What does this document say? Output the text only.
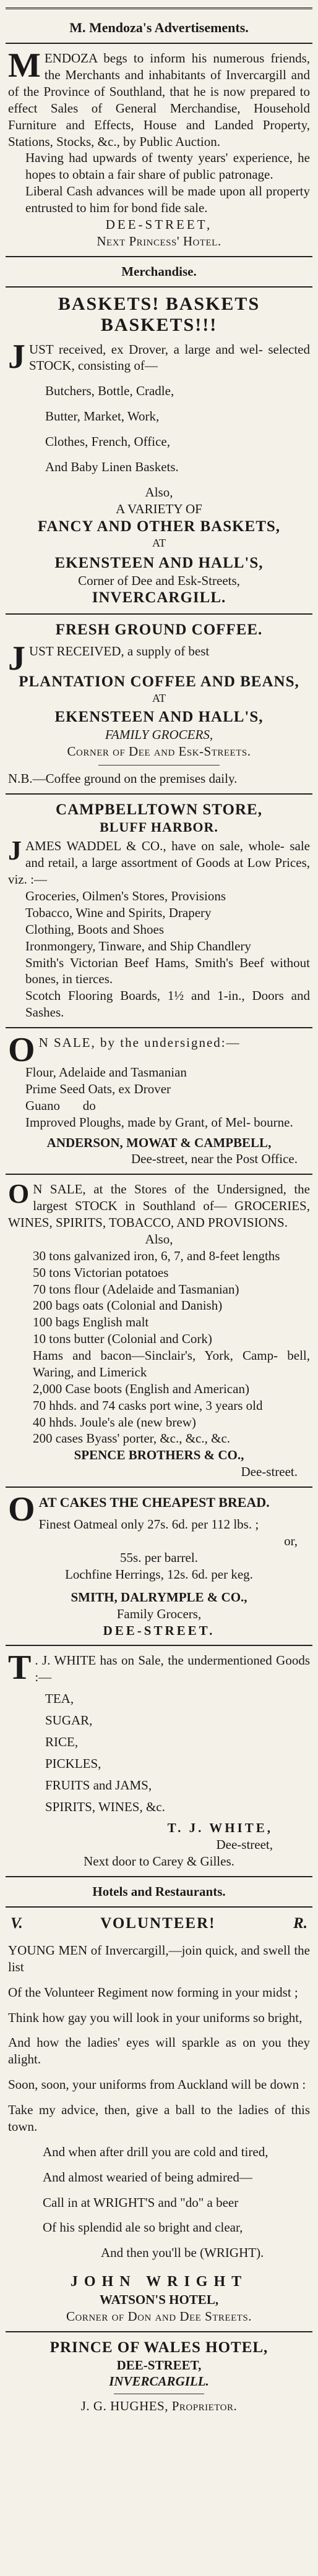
M. Mendoza's Advertisements.
M ENDOZA begs to inform his numerous friends, the Merchants and inhabitants of Invercargill and of the Province of Southland, that he is now prepared to effect Sales of General Merchandise, Household Furniture and Effects, House and Landed Property, Stations, Stocks, &c., by Public Auction.

Having had upwards of twenty years' experience, he hopes to obtain a fair share of public patronage.

Liberal Cash advances will be made upon all property entrusted to him for bond fide sale.

DEE-STREET,
Next Princess' Hotel.
Merchandise.
BASKETS! BASKETS
BASKETS!!!
J UST received, ex Drover, a large and wel- selected STOCK, consisting of—

Butchers, Bottle, Cradle,
Butter, Market, Work,
Clothes, French, Office,
And Baby Linen Baskets.
Also,
A VARIETY OF
FANCY AND OTHER BASKETS,
AT
EKENSTEEN AND HALL'S,
Corner of Dee and Esk-Streets,
INVERCARGILL.
FRESH GROUND COFFEE.
J UST RECEIVED, a supply of best

PLANTATION COFFEE AND BEANS,
AT
EKENSTEEN AND HALL'S,
FAMILY GROCERS,
Corner of Dee and Esk-Streets.
N.B.—Coffee ground on the premises daily.
CAMPBELLTOWN STORE,
BLUFF HARBOR.
J AMES WADDEL & CO., have on sale, whole- sale and retail, a large assortment of Goods at Low Prices, viz. :—

Groceries, Oilmen's Stores, Provisions
Tobacco, Wine and Spirits, Drapery
Clothing, Boots and Shoes
Ironmongery, Tinware, and Ship Chandlery
Smith's Victorian Beef Hams, Smith's Beef without bones, in tierces.
Scotch Flooring Boards, 1½ and 1-in., Doors and Sashes.
O N SALE, by the undersigned:—

Flour, Adelaide and Tasmanian
Prime Seed Oats, ex Drover
Guano       do
Improved Ploughs, made by Grant, of Mel- bourne.
ANDERSON, MOWAT & CAMPBELL,
Dee-street, near the Post Office.
O N SALE, at the Stores of the Undersigned, the largest STOCK in Southland of— GROCERIES, WINES, SPIRITS, TOBACCO, AND PROVISIONS.

Also,
30 tons galvanized iron, 6, 7, and 8-feet lengths
50 tons Victorian potatoes
70 tons flour (Adelaide and Tasmanian)
200 bags oats (Colonial and Danish)
100 bags English malt
10 tons butter (Colonial and Cork)
Hams and bacon—Sinclair's, York, Camp- bell, Waring, and Limerick
2,000 Case boots (English and American)
70 hhds. and 74 casks port wine, 3 years old
40 hhds. Joule's ale (new brew)
200 cases Byass' porter, &c., &c., &c.
SPENCE BROTHERS & CO.,
Dee-street.
O AT CAKES THE CHEAPEST BREAD.
Finest Oatmeal only 27s. 6d. per 112 lbs. ;
or,
55s. per barrel.
Lochfine Herrings, 12s. 6d. per keg.
SMITH, DALRYMPLE & CO.,
Family Grocers,
DEE-STREET.
T . J. WHITE has on Sale, the undermentioned Goods :—

TEA,
SUGAR,
RICE,
PICKLES,
FRUITS and JAMS,
SPIRITS, WINES, &c.
T. J. WHITE,
Dee-street,
Next door to Carey & Gilles.
Hotels and Restaurants.
V.	VOLUNTEER!	R.
YOUNG MEN of Invercargill,—join quick, and swell the list
Of the Volunteer Regiment now forming in your midst ;
Think how gay you will look in your uniforms so bright,
And how the ladies' eyes will sparkle as on you they alight.
Soon, soon, your uniforms from Auckland will be down :
Take my advice, then, give a ball to the ladies of this town.
And when after drill you are cold and tired,
And almost wearied of being admired—
Call in at WRIGHT'S and "do" a beer
Of his splendid ale so bright and clear,
And then you'll be (WRIGHT).
JOHN WRIGHT
WATSON'S HOTEL,
Corner of Don and Dee Streets.
PRINCE OF WALES HOTEL,
DEE-STREET,
INVERCARGILL.
J. G. HUGHES, Proprietor.
